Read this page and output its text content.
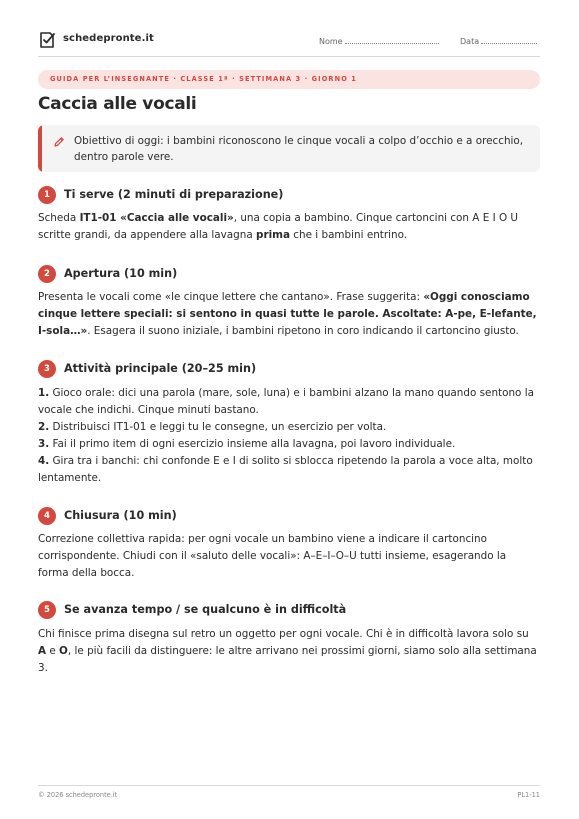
schedepronte.it	Nome	Data
GUIDA PER L’INSEGNANTE · CLASSE 1ª · SETTIMANA 3 · GIORNO 1
Caccia alle vocali
Obiettivo di oggi: i bambini riconoscono le cinque vocali a colpo d’occhio e a orecchio, dentro parole vere.
1	Ti serve (2 minuti di preparazione)

Scheda IT1-01 «Caccia alle vocali», una copia a bambino. Cinque cartoncini con A E I O U scritte grandi, da appendere alla lavagna prima che i bambini entrino.

2	Apertura (10 min)

Presenta le vocali come «le cinque lettere che cantano». Frase suggerita: «Oggi conosciamo cinque lettere speciali: si sentono in quasi tutte le parole. Ascoltate: A-pe, E-lefante, I-sola…». Esagera il suono iniziale, i bambini ripetono in coro indicando il cartoncino giusto.

3	Attività principale (20–25 min)

1. Gioco orale: dici una parola (mare, sole, luna) e i bambini alzano la mano quando sentono la vocale che indichi. Cinque minuti bastano.

2. Distribuisci IT1-01 e leggi tu le consegne, un esercizio per volta.

3. Fai il primo item di ogni esercizio insieme alla lavagna, poi lavoro individuale.

4. Gira tra i banchi: chi confonde E e I di solito si sblocca ripetendo la parola a voce alta, molto lentamente.

4	Chiusura (10 min)

Correzione collettiva rapida: per ogni vocale un bambino viene a indicare il cartoncino corrispondente. Chiudi con il «saluto delle vocali»: A–E–I–O–U tutti insieme, esagerando la forma della bocca.

5	Se avanza tempo / se qualcuno è in difficoltà

Chi finisce prima disegna sul retro un oggetto per ogni vocale. Chi è in difficoltà lavora solo su A e O, le più facili da distinguere: le altre arrivano nei prossimi giorni, siamo solo alla settimana 3.

© 2026 schedepronte.it	PL1-11
